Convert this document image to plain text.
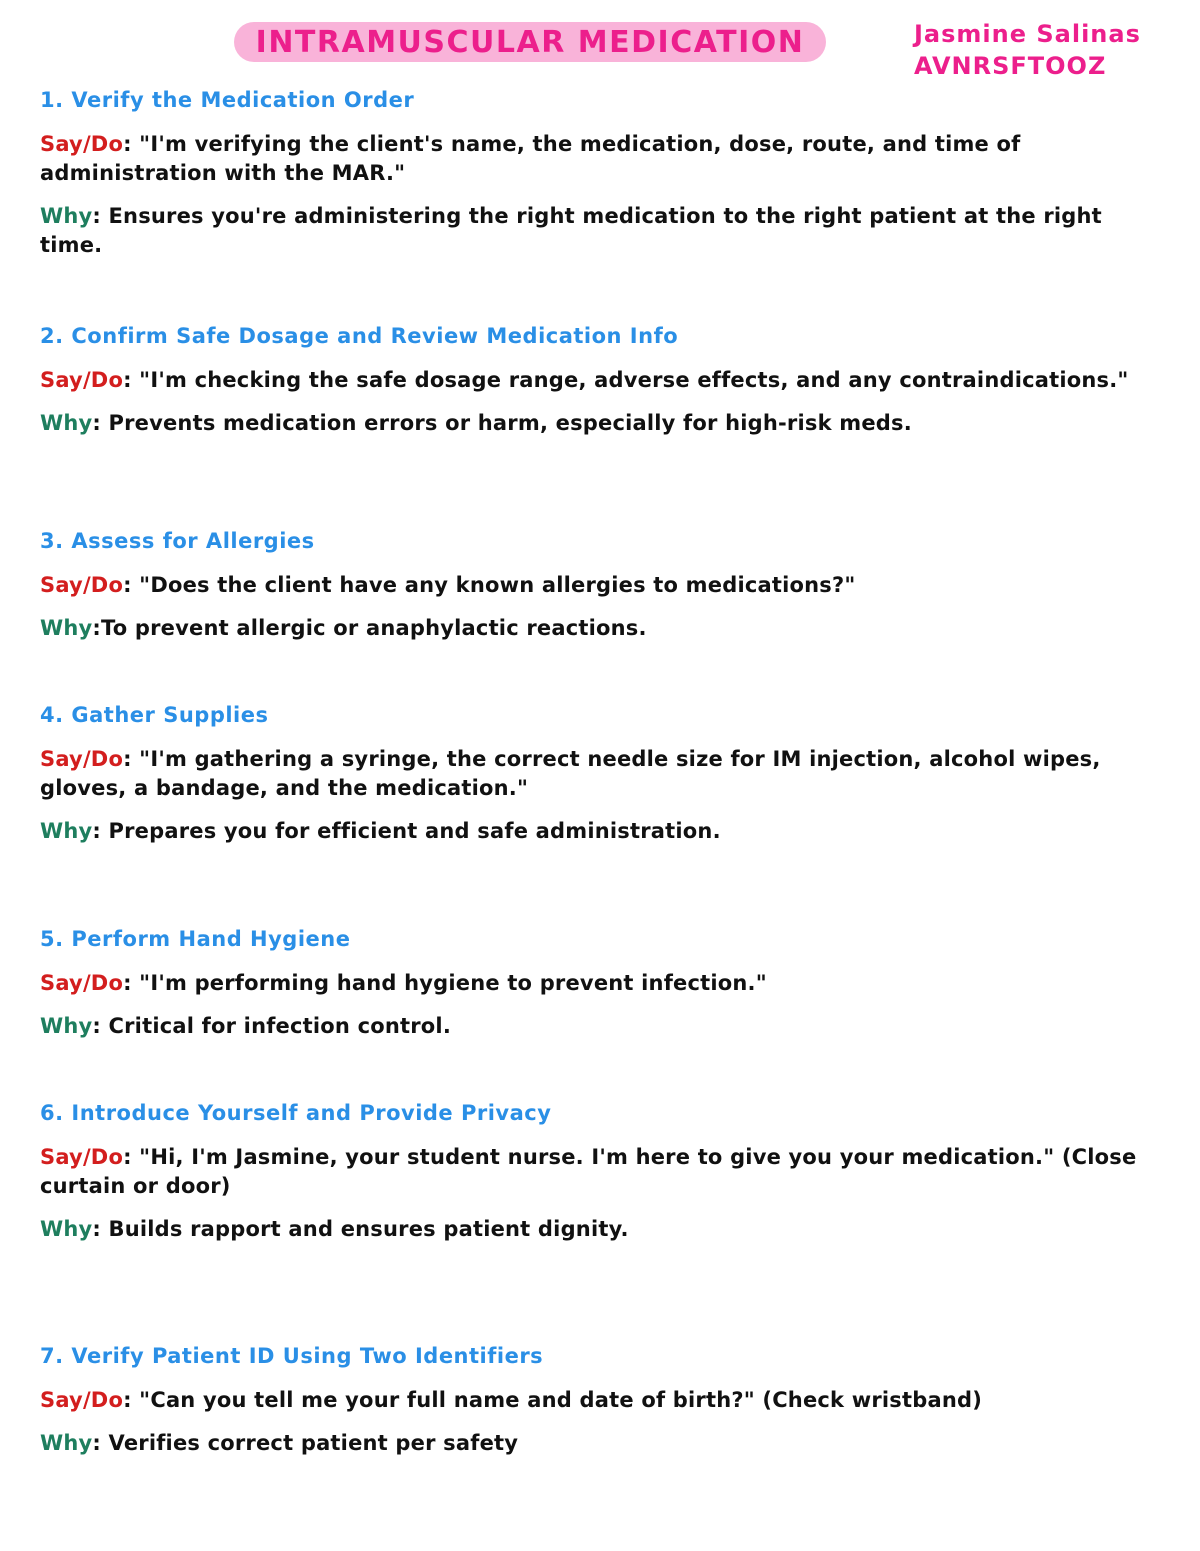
INTRAMUSCULAR MEDICATION	Jasmine Salinas
AVNRSFTOOZ
1. Verify the Medication Order
Say/Do: "I'm verifying the client's name, the medication, dose, route, and time of administration with the MAR."
Why: Ensures you're administering the right medication to the right patient at the right time.
2. Confirm Safe Dosage and Review Medication Info
Say/Do: "I'm checking the safe dosage range, adverse effects, and any contraindications."
Why: Prevents medication errors or harm, especially for high-risk meds.
3. Assess for Allergies
Say/Do: "Does the client have any known allergies to medications?"
Why:To prevent allergic or anaphylactic reactions.
4. Gather Supplies
Say/Do: "I'm gathering a syringe, the correct needle size for IM injection, alcohol wipes, gloves, a bandage, and the medication."
Why: Prepares you for efficient and safe administration.
5. Perform Hand Hygiene
Say/Do: "I'm performing hand hygiene to prevent infection."
Why: Critical for infection control.
6. Introduce Yourself and Provide Privacy
Say/Do: "Hi, I'm Jasmine, your student nurse. I'm here to give you your medication." (Close curtain or door)
Why: Builds rapport and ensures patient dignity.
7. Verify Patient ID Using Two Identifiers
Say/Do: "Can you tell me your full name and date of birth?" (Check wristband)
Why: Verifies correct patient per safety
